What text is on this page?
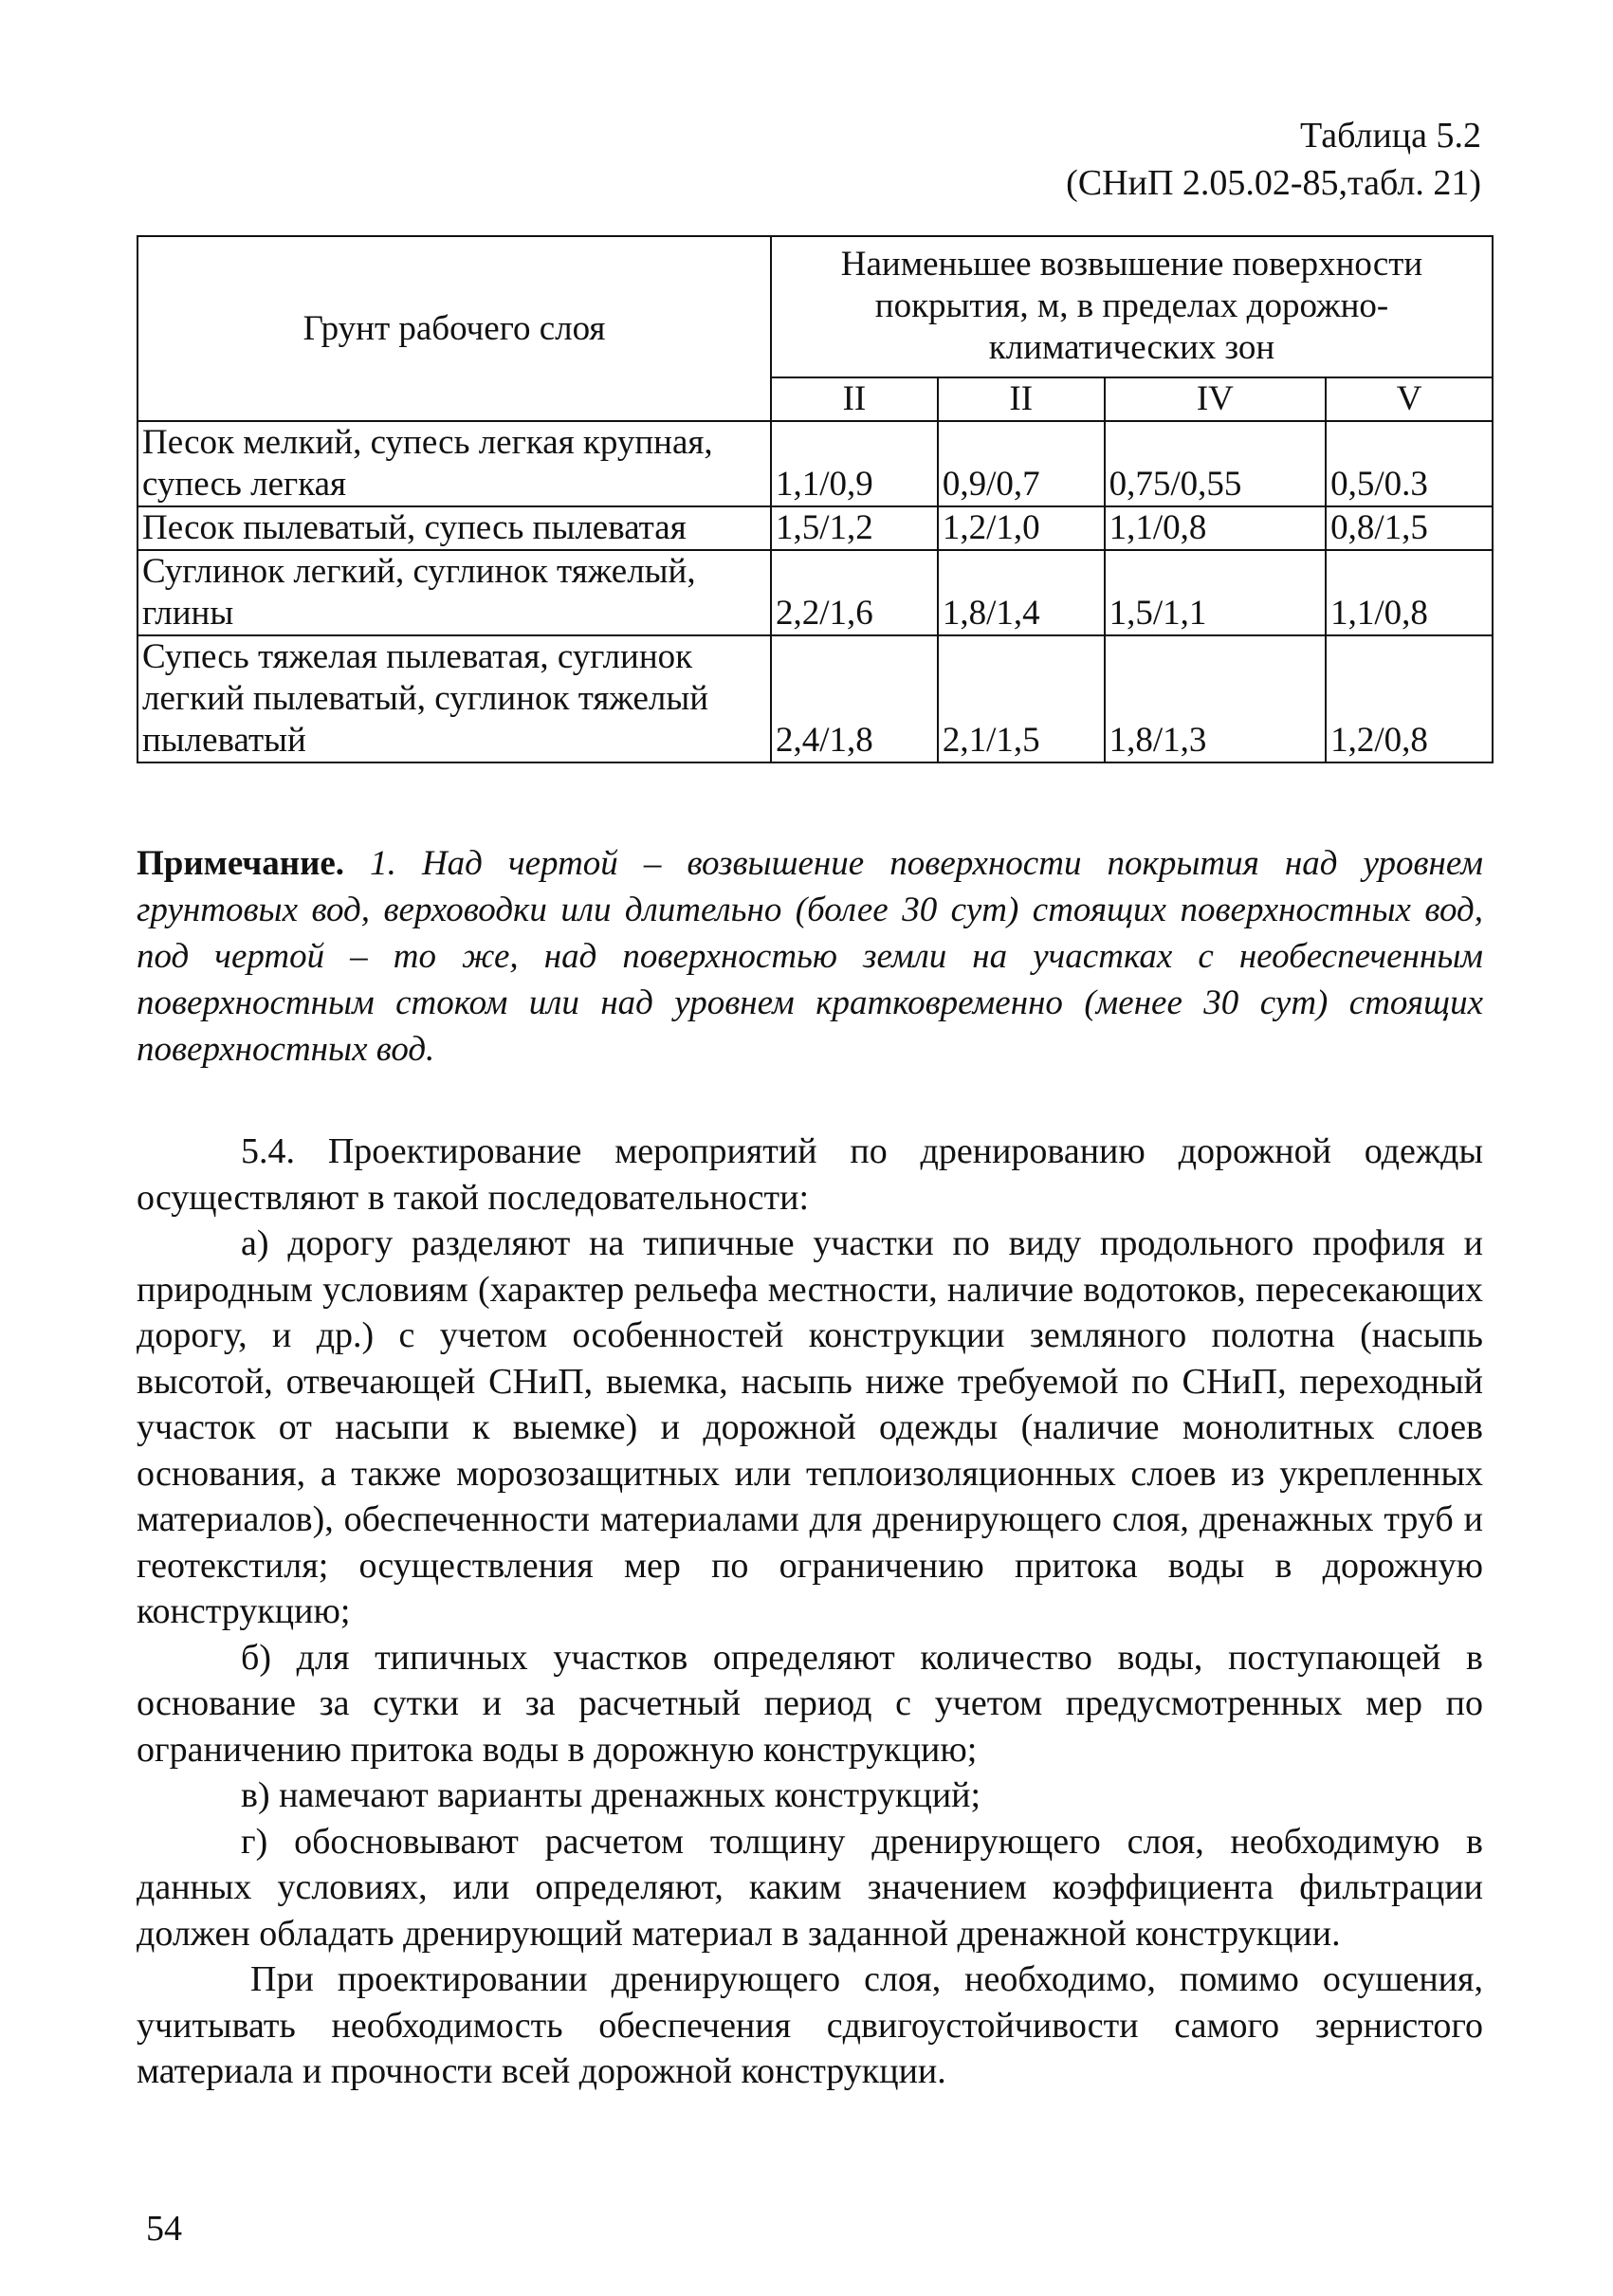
Таблица 5.2
(СНиП 2.05.02-85,табл. 21)
Грунт рабочего слоя	Наименьшее возвышение поверхности покрытия, м, в пределах дорожно-климатических зон			
	II	II	IV	V
Песок мелкий, супесь легкая крупная, супесь легкая	1,1/0,9	0,9/0,7	0,75/0,55	0,5/0.3
Песок пылеватый, супесь пылеватая	1,5/1,2	1,2/1,0	1,1/0,8	0,8/1,5
Суглинок легкий, суглинок тяжелый, глины	2,2/1,6	1,8/1,4	1,5/1,1	1,1/0,8
Супесь тяжелая пылеватая, суглинок легкий пылеватый, суглинок тяжелый пылеватый	2,4/1,8	2,1/1,5	1,8/1,3	1,2/0,8
Примечание. 1. Над чертой – возвышение поверхности покрытия над уровнем грунтовых вод, верховодки или длительно (более 30 сут) стоящих поверхностных вод, под чертой – то же, над поверхностью земли на участках с необеспеченным поверхностным стоком или над уровнем кратковременно (менее 30 сут) стоящих поверхностных вод.

5.4. Проектирование мероприятий по дренированию дорожной одежды осуществляют в такой последовательности:

а) дорогу разделяют на типичные участки по виду продольного профиля и природным условиям (характер рельефа местности, наличие водотоков, пересекающих дорогу, и др.) с учетом особенностей конструкции земляного полотна (насыпь высотой, отвечающей СНиП, выемка, насыпь ниже требуемой по СНиП, переходный участок от насыпи к выемке) и дорожной одежды (наличие монолитных слоев основания, а также морозозащитных или теплоизоляционных слоев из укрепленных материалов), обеспеченности материалами для дренирующего слоя, дренажных труб и геотекстиля; осуществления мер по ограничению притока воды в дорожную конструкцию;

б) для типичных участков определяют количество воды, поступающей в основание за сутки и за расчетный период с учетом предусмотренных мер по ограничению притока воды в дорожную конструкцию;

в) намечают варианты дренажных конструкций;

г) обосновывают расчетом толщину дренирующего слоя, необходимую в данных условиях, или определяют, каким значением коэффициента фильтрации должен обладать дренирующий материал в заданной дренажной конструкции.

При проектировании дренирующего слоя, необходимо, помимо осушения, учитывать необходимость обеспечения сдвигоустойчивости самого зернистого материала и прочности всей дорожной конструкции.

54
